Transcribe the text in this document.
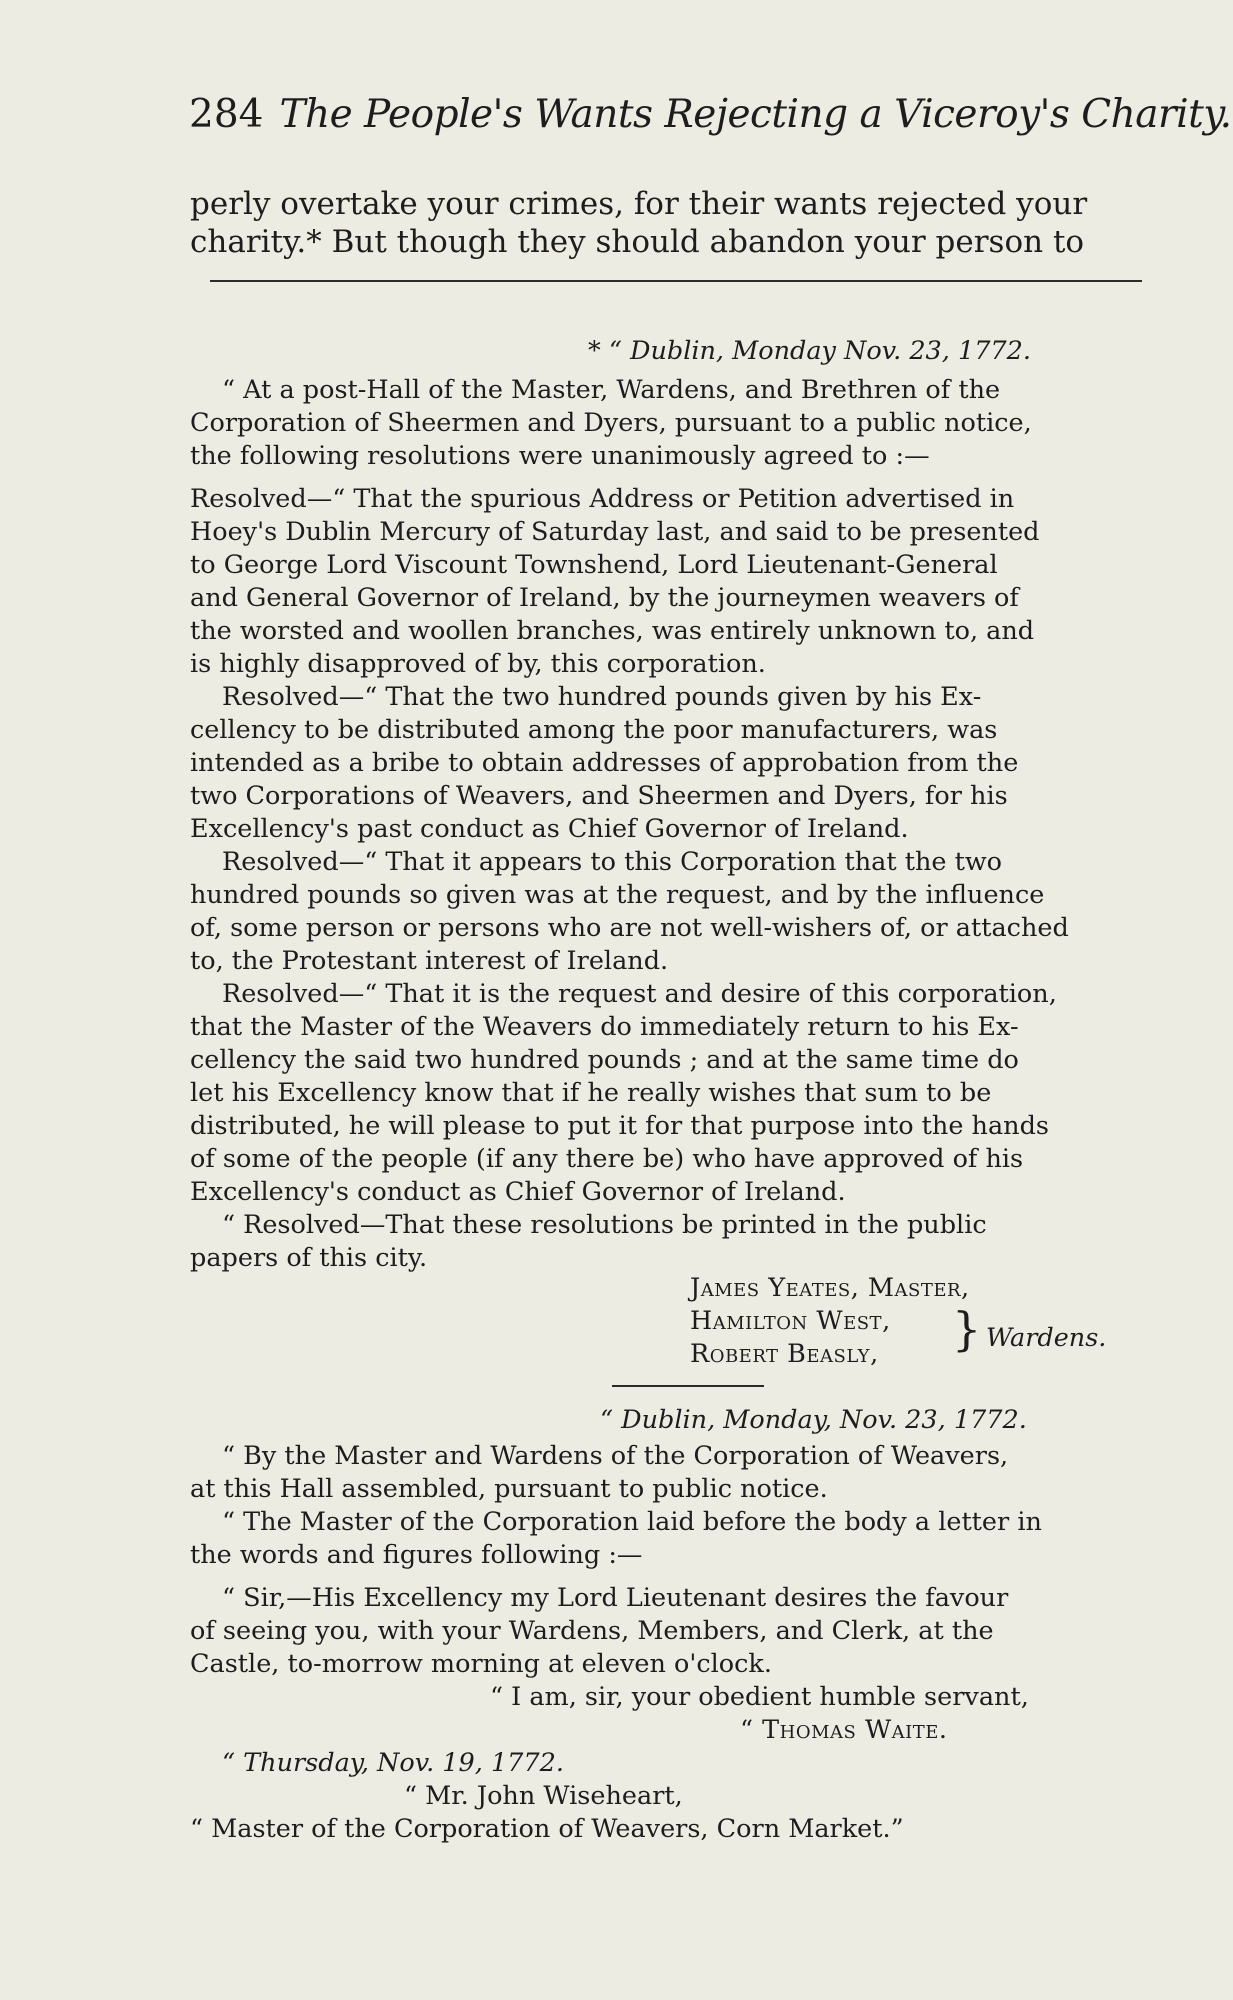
284 The People's Wants Rejecting a Viceroy's Charity.
perly overtake your crimes, for their wants rejected your
charity.* But though they should abandon your person to
* “ Dublin, Monday Nov. 23, 1772.
“ At a post-Hall of the Master, Wardens, and Brethren of the
Corporation of Sheermen and Dyers, pursuant to a public notice,
the following resolutions were unanimously agreed to :—
Resolved—“ That the spurious Address or Petition advertised in
Hoey's Dublin Mercury of Saturday last, and said to be presented
to George Lord Viscount Townshend, Lord Lieutenant-General
and General Governor of Ireland, by the journeymen weavers of
the worsted and woollen branches, was entirely unknown to, and
is highly disapproved of by, this corporation.
Resolved—“ That the two hundred pounds given by his Ex-
cellency to be distributed among the poor manufacturers, was
intended as a bribe to obtain addresses of approbation from the
two Corporations of Weavers, and Sheermen and Dyers, for his
Excellency's past conduct as Chief Governor of Ireland.
Resolved—“ That it appears to this Corporation that the two
hundred pounds so given was at the request, and by the influence
of, some person or persons who are not well-wishers of, or attached
to, the Protestant interest of Ireland.
Resolved—“ That it is the request and desire of this corporation,
that the Master of the Weavers do immediately return to his Ex-
cellency the said two hundred pounds ; and at the same time do
let his Excellency know that if he really wishes that sum to be
distributed, he will please to put it for that purpose into the hands
of some of the people (if any there be) who have approved of his
Excellency's conduct as Chief Governor of Ireland.
“ Resolved—That these resolutions be printed in the public
papers of this city.
James Yeates, Master,
Hamilton West,
Robert Beasly, } Wardens.
“ Dublin, Monday, Nov. 23, 1772.
“ By the Master and Wardens of the Corporation of Weavers,
at this Hall assembled, pursuant to public notice.
“ The Master of the Corporation laid before the body a letter in
the words and figures following :—
“ Sir,—His Excellency my Lord Lieutenant desires the favour
of seeing you, with your Wardens, Members, and Clerk, at the
Castle, to-morrow morning at eleven o'clock.
“ I am, sir, your obedient humble servant,
“ Thomas Waite.
“ Thursday, Nov. 19, 1772.
“ Mr. John Wiseheart,
“ Master of the Corporation of Weavers, Corn Market.”
